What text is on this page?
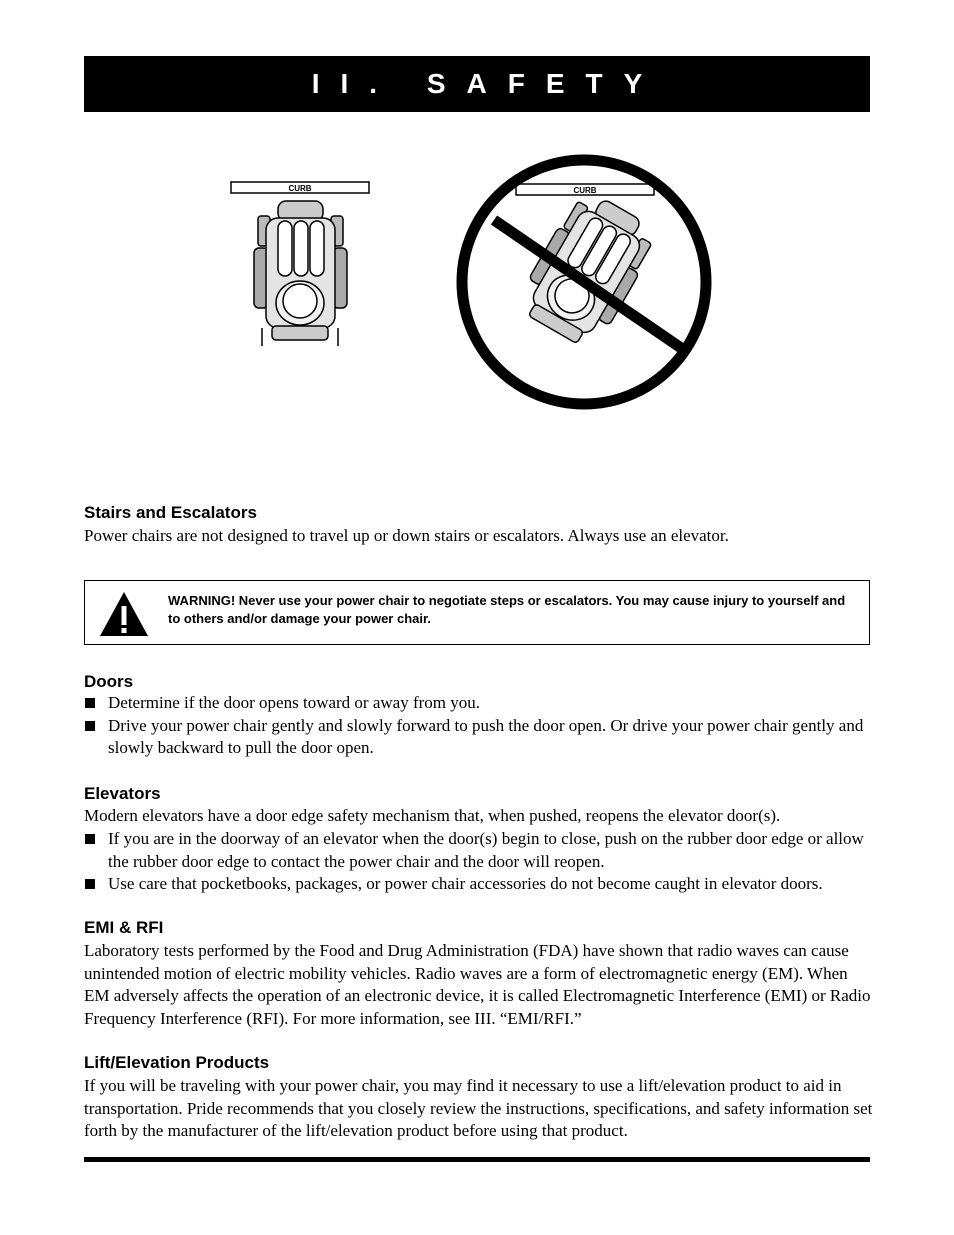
II. SAFETY
CURB	CURB
Stairs and Escalators

Power chairs are not designed to travel up or down stairs or escalators. Always use an elevator.

WARNING! Never use your power chair to negotiate steps or escalators. You may cause injury to yourself and to others and/or damage your power chair.
Doors
Determine if the door opens toward or away from you.
Drive your power chair gently and slowly forward to push the door open. Or drive your power chair gently and slowly backward to pull the door open.
Elevators

Modern elevators have a door edge safety mechanism that, when pushed, reopens the elevator door(s).

If you are in the doorway of an elevator when the door(s) begin to close, push on the rubber door edge or allow the rubber door edge to contact the power chair and the door will reopen.
Use care that pocketbooks, packages, or power chair accessories do not become caught in elevator doors.
EMI & RFI

Laboratory tests performed by the Food and Drug Administration (FDA) have shown that radio waves can cause unintended motion of electric mobility vehicles. Radio waves are a form of electromagnetic energy (EM). When EM adversely affects the operation of an electronic device, it is called Electromagnetic Interference (EMI) or Radio Frequency Interference (RFI). For more information, see III. “EMI/RFI.”

Lift/Elevation Products

If you will be traveling with your power chair, you may find it necessary to use a lift/elevation product to aid in transportation. Pride recommends that you closely review the instructions, specifications, and safety information set forth by the manufacturer of the lift/elevation product before using that product.
